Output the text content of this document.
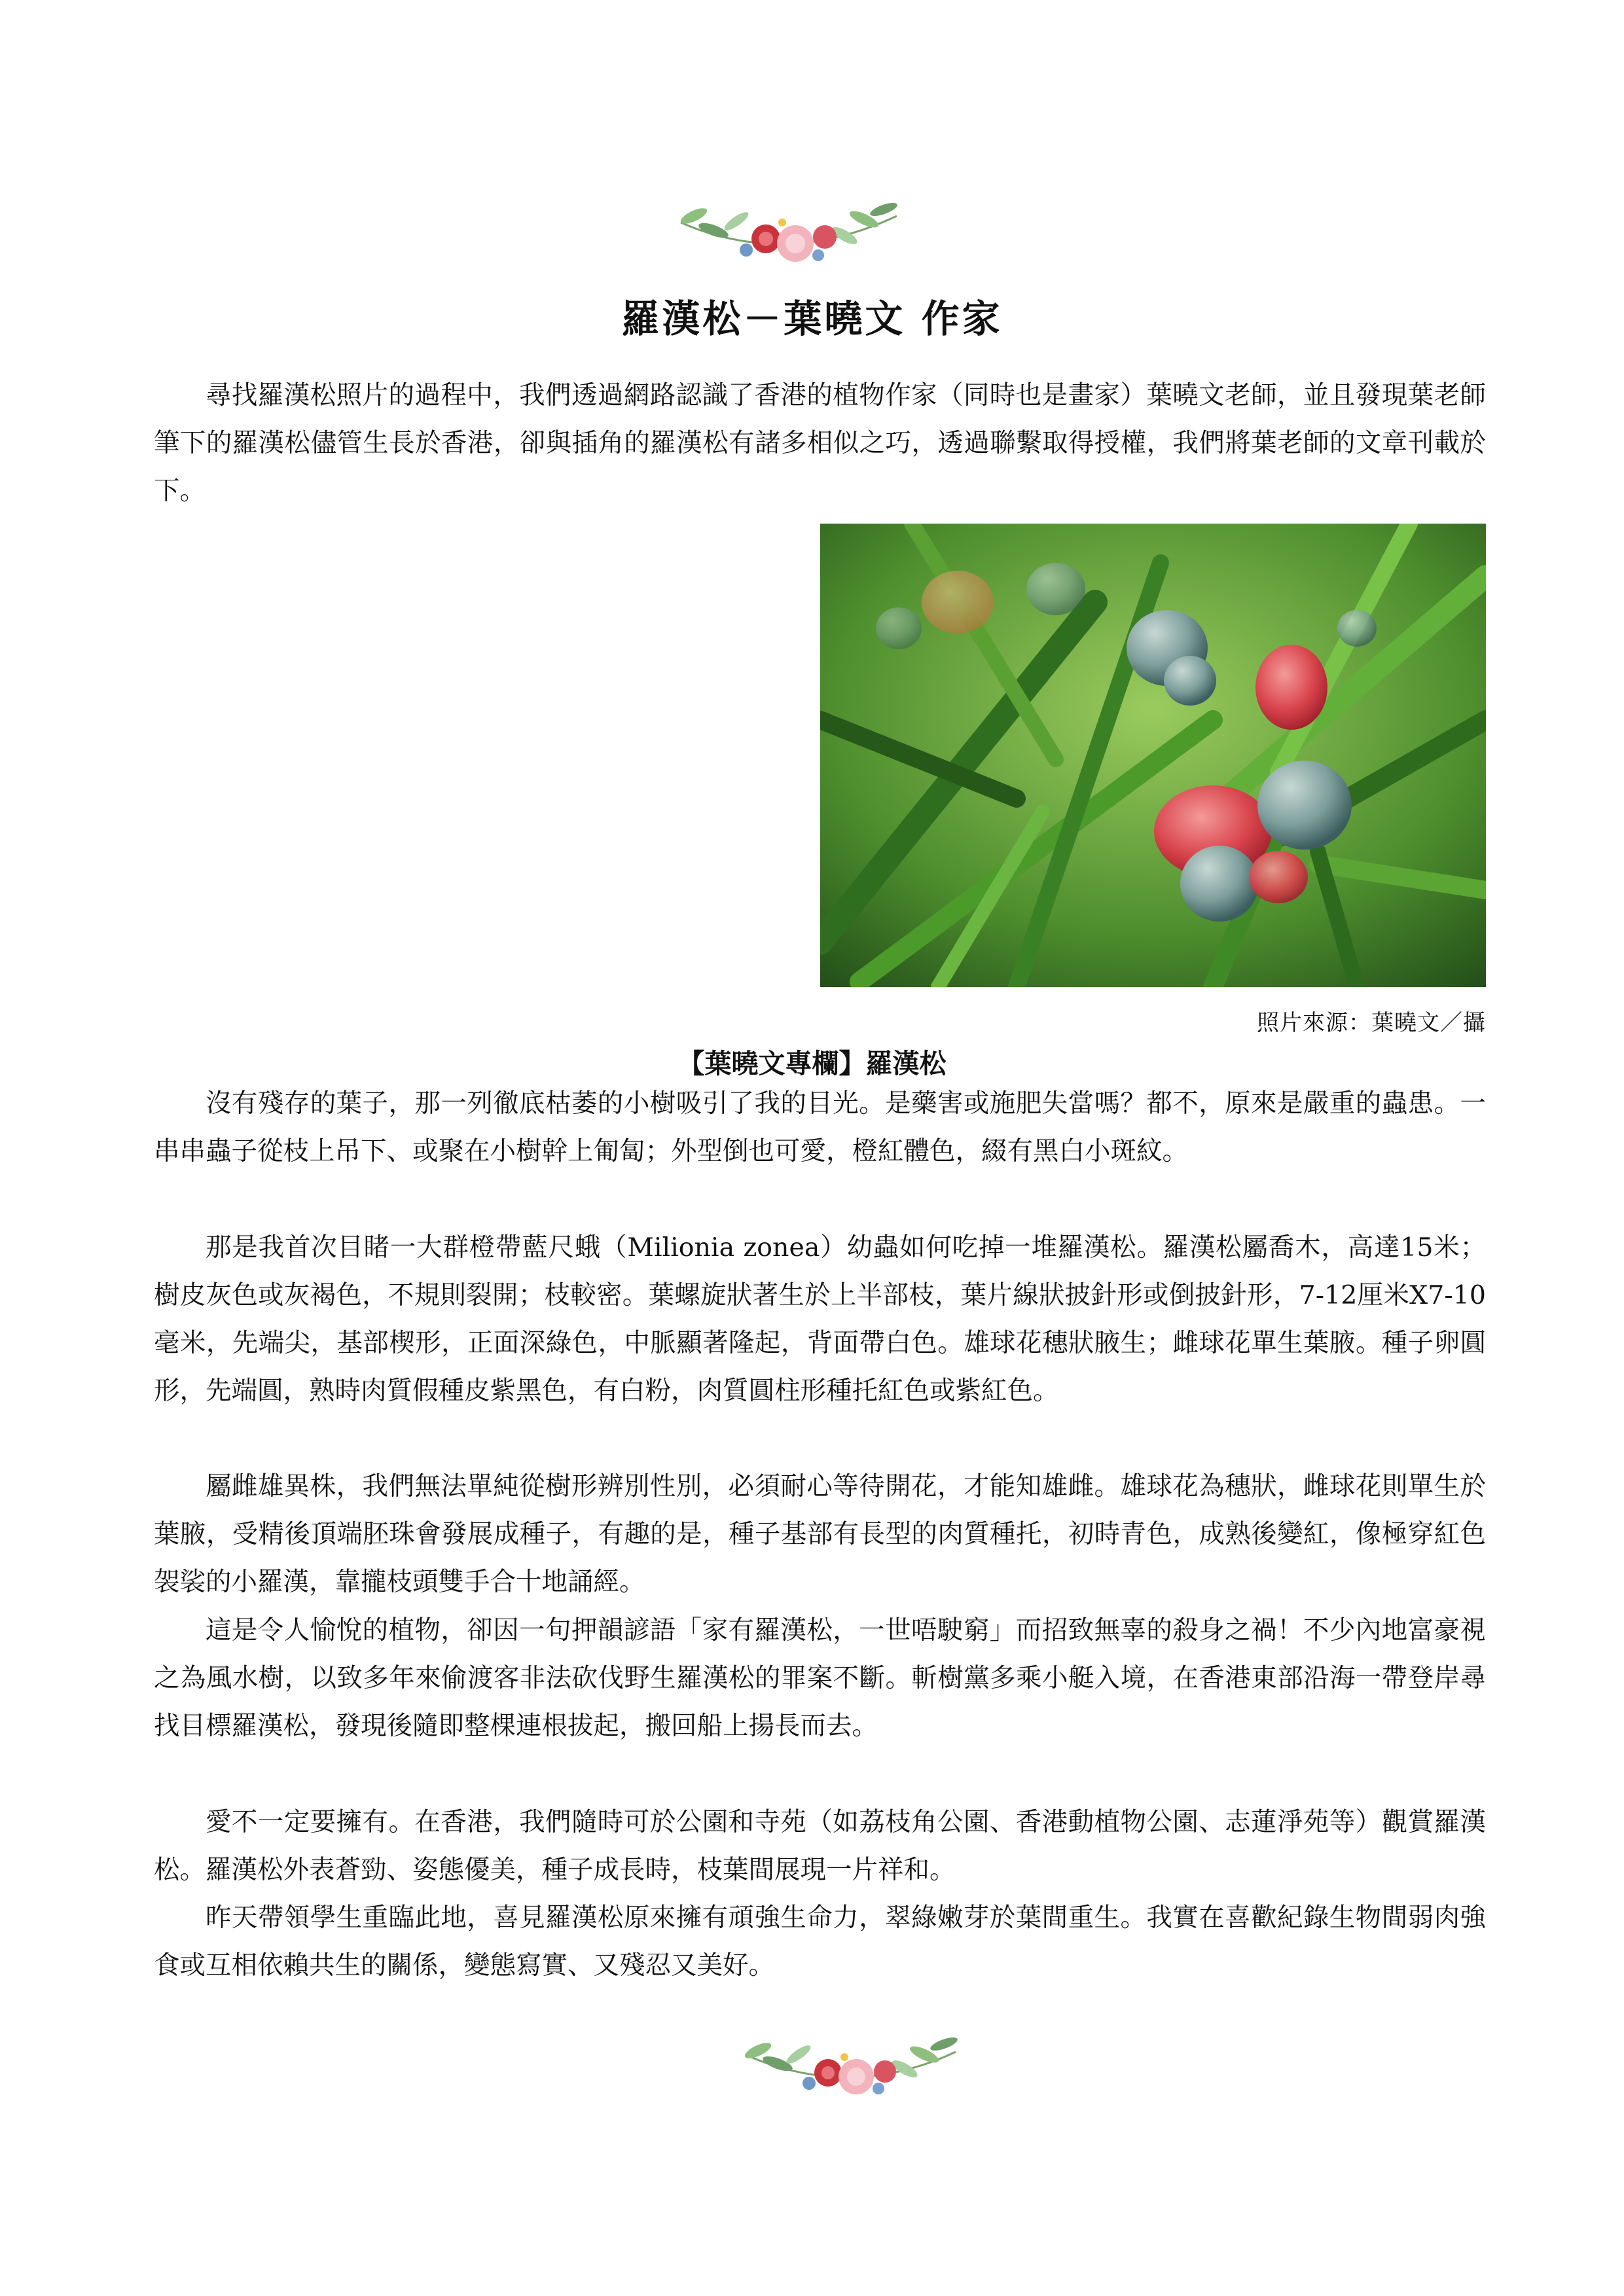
羅漢松－葉曉文 作家

尋找羅漢松照片的過程中，我們透過網路認識了香港的植物作家（同時也是畫家）葉曉文老師，並且發現葉老師筆下的羅漢松儘管生長於香港，卻與插角的羅漢松有諸多相似之巧，透過聯繫取得授權，我們將葉老師的文章刊載於下。

照片來源：葉曉文／攝
【葉曉文專欄】羅漢松

沒有殘存的葉子，那一列徹底枯萎的小樹吸引了我的目光。是藥害或施肥失當嗎？都不，原來是嚴重的蟲患。一串串蟲子從枝上吊下、或聚在小樹幹上匍匐；外型倒也可愛，橙紅體色，綴有黑白小斑紋。

那是我首次目睹一大群橙帶藍尺蛾（Milionia zonea）幼蟲如何吃掉一堆羅漢松。羅漢松屬喬木，高達15米；樹皮灰色或灰褐色，不規則裂開；枝較密。葉螺旋狀著生於上半部枝，葉片線狀披針形或倒披針形，7-12厘米X7-10毫米，先端尖，基部楔形，正面深綠色，中脈顯著隆起，背面帶白色。雄球花穗狀腋生；雌球花單生葉腋。種子卵圓形，先端圓，熟時肉質假種皮紫黑色，有白粉，肉質圓柱形種托紅色或紫紅色。

屬雌雄異株，我們無法單純從樹形辨別性別，必須耐心等待開花，才能知雄雌。雄球花為穗狀，雌球花則單生於葉腋，受精後頂端胚珠會發展成種子，有趣的是，種子基部有長型的肉質種托，初時青色，成熟後變紅，像極穿紅色袈裟的小羅漢，靠攏枝頭雙手合十地誦經。

這是令人愉悅的植物，卻因一句押韻諺語「家有羅漢松，一世唔駛窮」而招致無辜的殺身之禍！不少內地富豪視之為風水樹，以致多年來偷渡客非法砍伐野生羅漢松的罪案不斷。斬樹黨多乘小艇入境，在香港東部沿海一帶登岸尋找目標羅漢松，發現後隨即整棵連根拔起，搬回船上揚長而去。

愛不一定要擁有。在香港，我們隨時可於公園和寺苑（如荔枝角公園、香港動植物公園、志蓮淨苑等）觀賞羅漢松。羅漢松外表蒼勁、姿態優美，種子成長時，枝葉間展現一片祥和。

昨天帶領學生重臨此地，喜見羅漢松原來擁有頑強生命力，翠綠嫩芽於葉間重生。我實在喜歡紀錄生物間弱肉強食或互相依賴共生的關係，變態寫實、又殘忍又美好。
